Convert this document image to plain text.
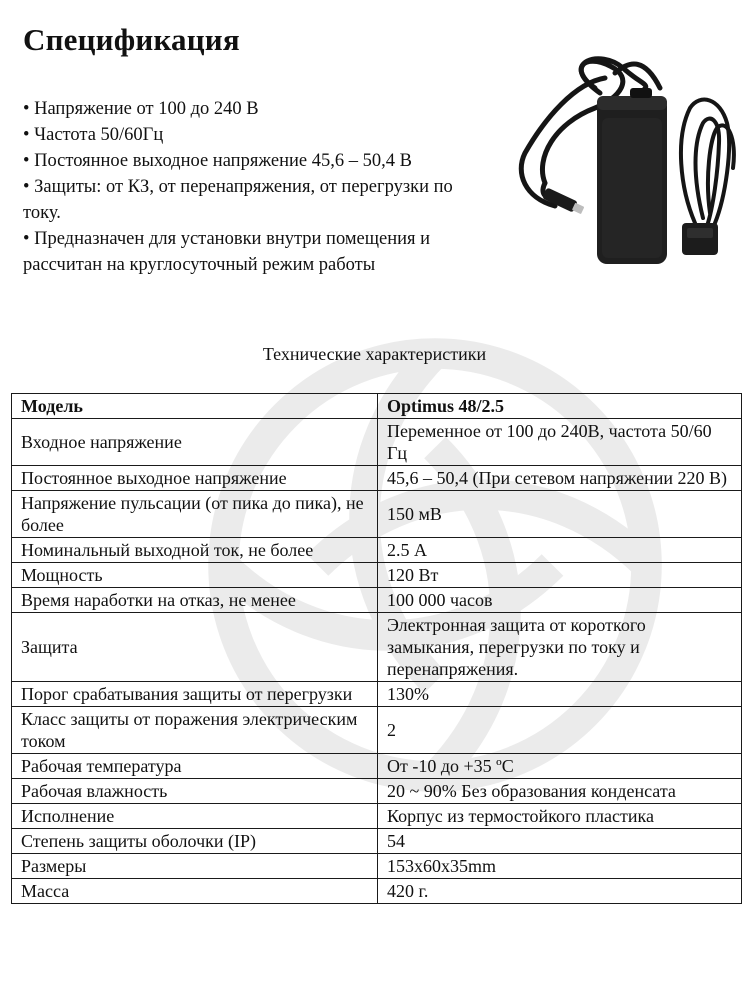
Спецификация

• Напряжение от 100 до 240 В

• Частота 50/60Гц

• Постоянное выходное напряжение 45,6 – 50,4 В

• Защиты: от КЗ, от перенапряжения, от перегрузки по току.

• Предназначен для установки внутри помещения и рассчитан на круглосуточный режим работы

Технические характеристики
Модель	Optimus 48/2.5
Входное напряжение	Переменное от 100 до 240В, частота 50/60 Гц
Постоянное выходное напряжение	45,6 – 50,4 (При сетевом напряжении 220 В)
Напряжение пульсации (от пика до пика), не более	150 мВ
Номинальный выходной ток, не более	2.5 А
Мощность	120 Вт
Время наработки на отказ, не менее	100 000 часов
Защита	Электронная защита от короткого замыкания, перегрузки по току и перенапряжения.
Порог срабатывания защиты от перегрузки	130%
Класс защиты от поражения электрическим током	2
Рабочая температура	От -10 до +35 ºС
Рабочая влажность	20 ~ 90% Без образования конденсата
Исполнение	Корпус из термостойкого пластика
Степень защиты оболочки (IP)	54
Размеры	153х60х35mm
Масса	420 г.
